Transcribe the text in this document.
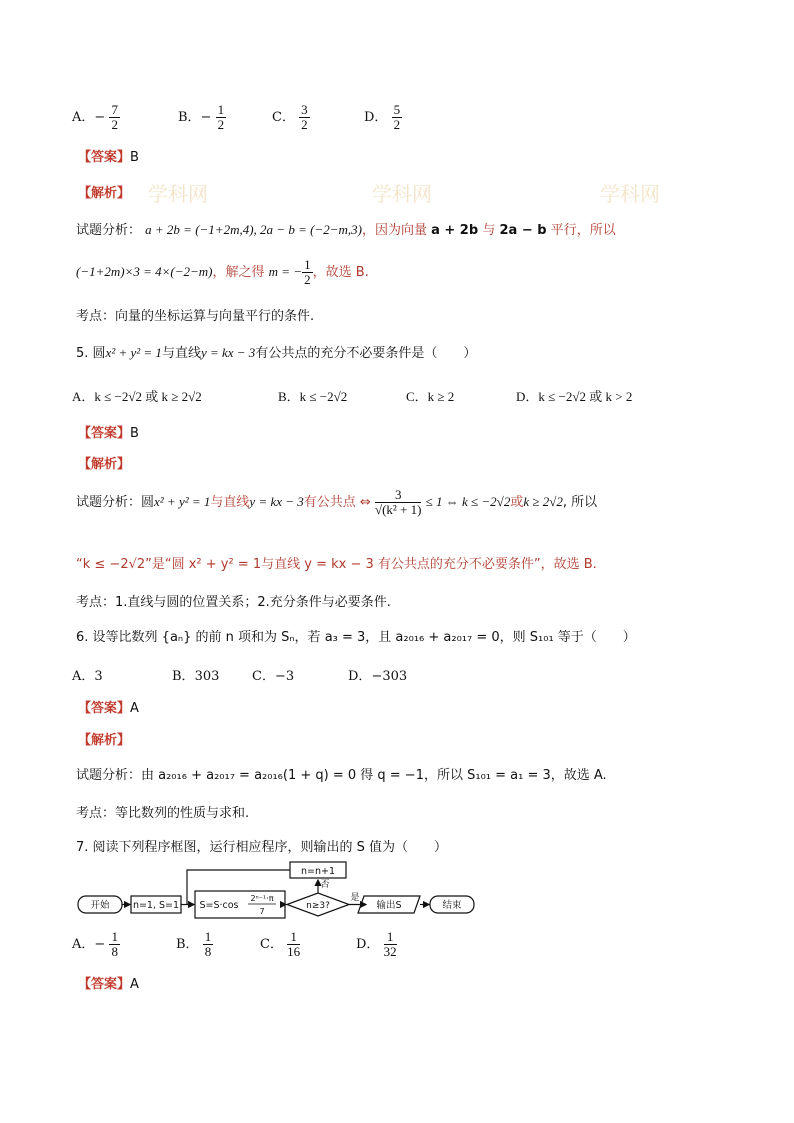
学科网	学科网	学科网
A．− $\frac{7}{2}$	B．− $\frac{1}{2}$	C． $\frac{3}{2}$	D． $\frac{5}{2}$
【答案】B
【解析】
试题分析： a + 2b = (−1+2m,4), 2a − b = (−2−m,3)，因为向量 a + 2b 与 2a − b 平行，所以
(−1+2m)×3 = 4×(−2−m)，解之得 m = − $\frac{1}{2}$ ，故选 B.
考点：向量的坐标运算与向量平行的条件.
5. 圆x² + y² = 1与直线y = kx − 3有公共点的充分不必要条件是（　　）
A．k ≤ −2√2 或 k ≥ 2√2	B．k ≤ −2√2	C．k ≥ 2	D．k ≤ −2√2 或 k > 2
【答案】B
【解析】
试题分析：圆x² + y² = 1与直线y = kx − 3有公共点 ⇔ $\frac{3}{\text{√(k² + 1)}} \le 1$ ⇔ k ≤ −2√2或k ≥ 2√2, 所以
“k ≤ −2√2”是“圆 x² + y² = 1与直线 y = kx − 3 有公共点的充分不必要条件”，故选 B.
考点：1.直线与圆的位置关系；2.充分条件与必要条件.
6. 设等比数列 {aₙ} 的前 n 项和为 Sₙ，若 a₃ = 3，且 a₂₀₁₆ + a₂₀₁₇ = 0，则 S₁₀₁ 等于（　　）
A．3	B．303	C．−3	D．−303
【答案】A
【解析】
试题分析：由 a₂₀₁₆ + a₂₀₁₇ = a₂₀₁₆(1 + q) = 0 得 q = −1，所以 S₁₀₁ = a₁ = 3，故选 A.
考点：等比数列的性质与求和.
7. 阅读下列程序框图，运行相应程序，则输出的 S 值为（　　）
开始 n=1, S=1 S=S·cos
2ⁿ⁻¹·π
7
n≥3?
是
否
n=n+1
输出S	结束
A．− $\frac{1}{8}$	B． $\frac{1}{8}$	C． $\frac{1}{16}$	D． $\frac{1}{32}$
【答案】A
